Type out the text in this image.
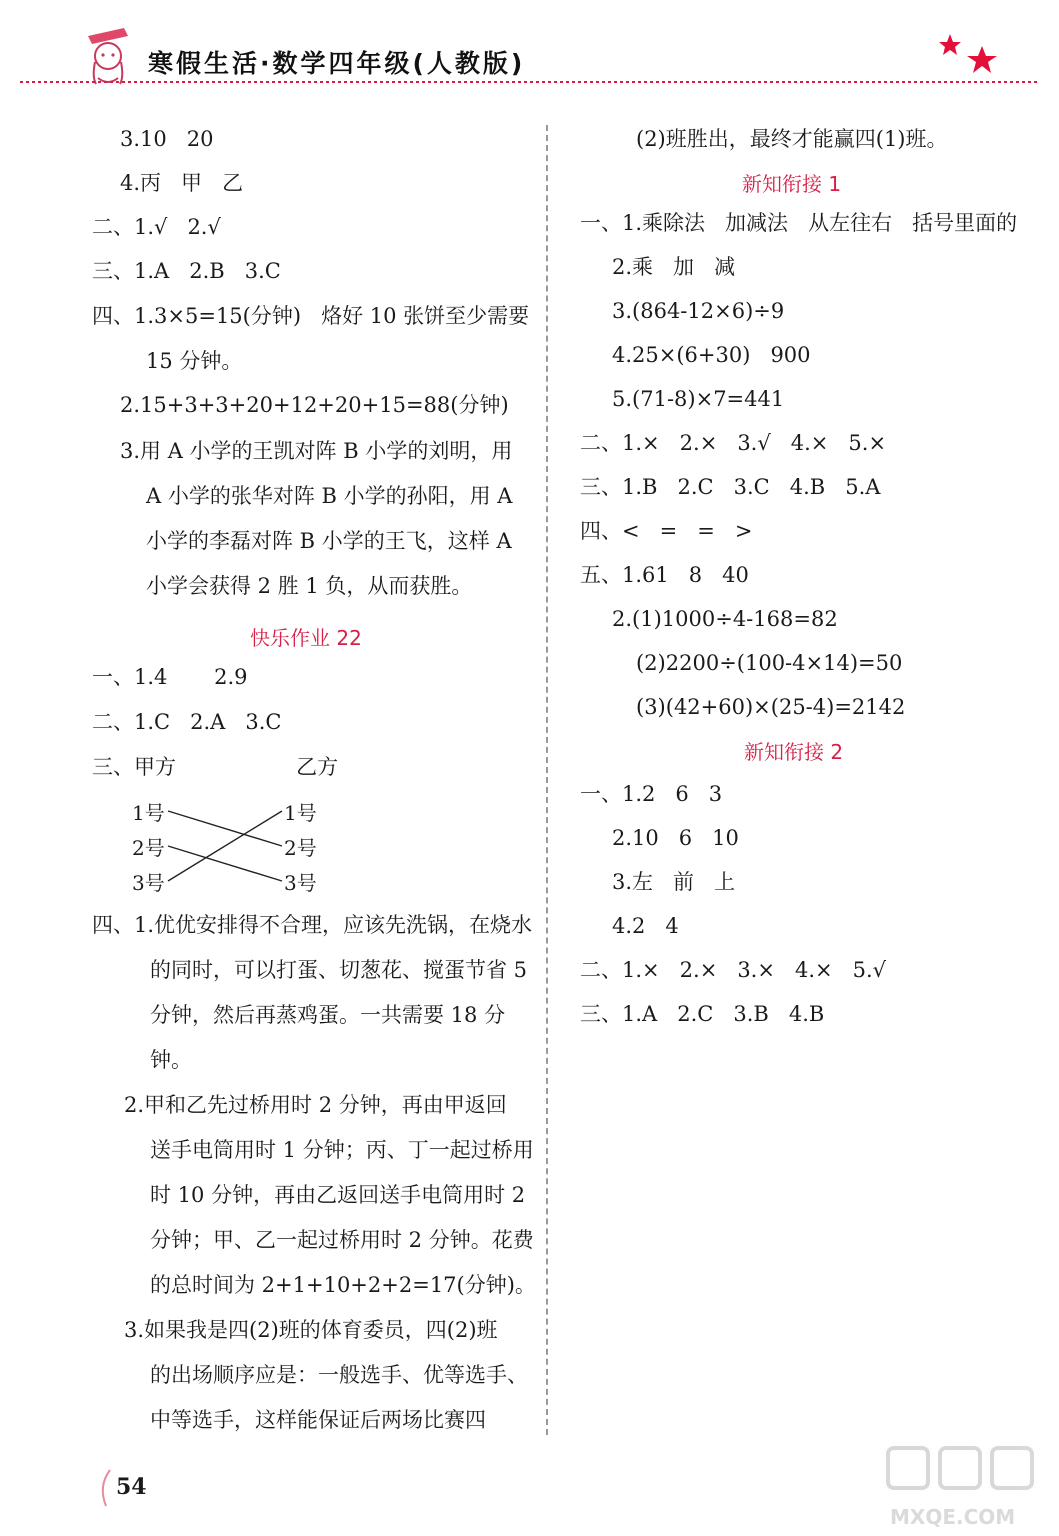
寒假生活·数学四年级(人教版)
3.10   20
4.丙   甲   乙
二、1.√   2.√
三、1.A   2.B   3.C
四、1.3×5=15(分钟)   烙好 10 张饼至少需要
15 分钟。
2.15+3+3+20+12+20+15=88(分钟)
3.用 A 小学的王凯对阵 B 小学的刘明，用
A 小学的张华对阵 B 小学的孙阳，用 A
小学的李磊对阵 B 小学的王飞，这样 A
小学会获得 2 胜 1 负，从而获胜。
一、1.4       2.9
二、1.C   2.A   3.C
三、甲方                  乙方
四、1.优优安排得不合理，应该先洗锅，在烧水
的同时，可以打蛋、切葱花、搅蛋节省 5
分钟，然后再蒸鸡蛋。一共需要 18 分
钟。
2.甲和乙先过桥用时 2 分钟，再由甲返回
送手电筒用时 1 分钟；丙、丁一起过桥用
时 10 分钟，再由乙返回送手电筒用时 2
分钟；甲、乙一起过桥用时 2 分钟。花费
的总时间为 2+1+10+2+2=17(分钟)。
3.如果我是四(2)班的体育委员，四(2)班
的出场顺序应是：一般选手、优等选手、
中等选手，这样能保证后两场比赛四
(2)班胜出，最终才能赢四(1)班。
一、1.乘除法   加减法   从左往右   括号里面的
2.乘   加   减
3.(864-12×6)÷9
4.25×(6+30)   900
5.(71-8)×7=441
二、1.×   2.×   3.√   4.×   5.×
三、1.B   2.C   3.C   4.B   5.A
四、<   =   =   >
五、1.61   8   40
2.(1)1000÷4-168=82
(2)2200÷(100-4×14)=50
(3)(42+60)×(25-4)=2142
一、1.2   6   3
2.10   6   10
3.左   前   上
4.2   4
二、1.×   2.×   3.×   4.×   5.√
三、1.A   2.C   3.B   4.B
新知衔接 1
新知衔接 2
快乐作业 22
1号
2号
3号
1号
2号
3号
54
MXQE.COM
